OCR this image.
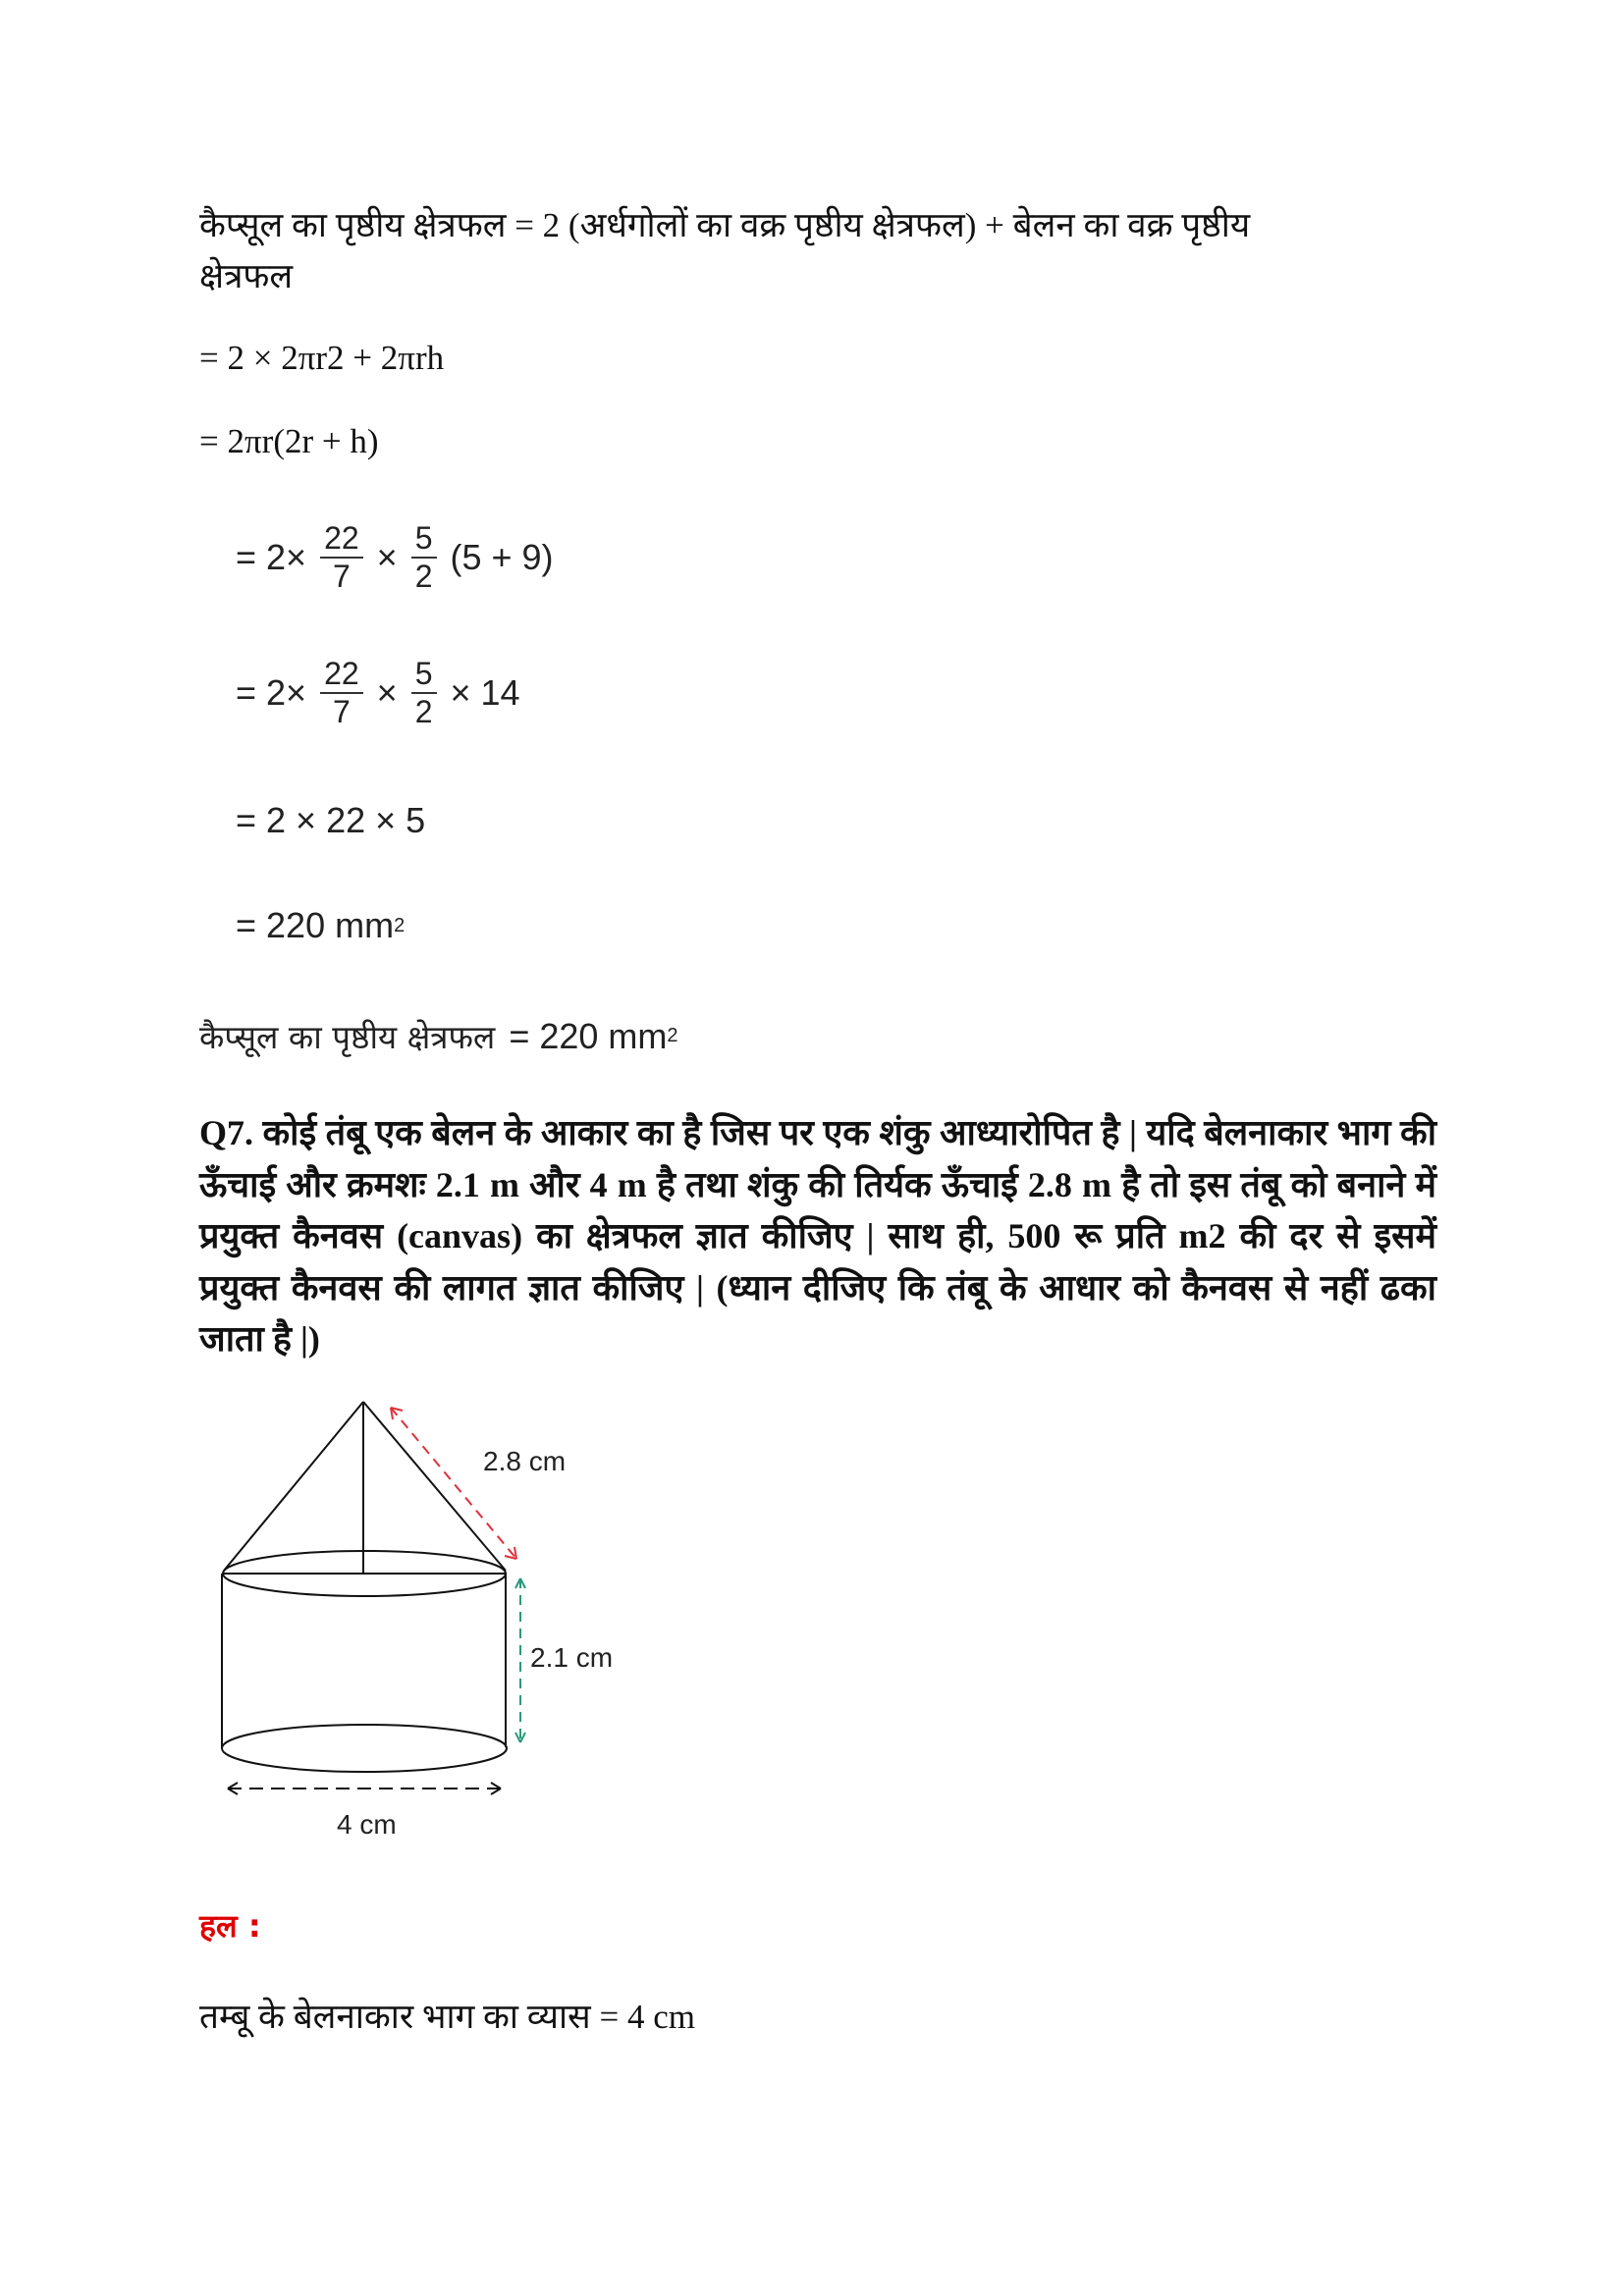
कैप्सूल का पृष्ठीय क्षेत्रफल = 2 (अर्धगोलों का वक्र पृष्ठीय क्षेत्रफल) + बेलन का वक्र पृष्ठीय
क्षेत्रफल
= 2 × 2πr2 + 2πrh
= 2πr(2r + h)
= $2\times \frac{22}{7} \times \frac{5}{2} (5 + 9)$
= $2\times \frac{22}{7} \times \frac{5}{2} \times 14$
= 2 × 22 × 5
= 220 mm 2
कैप्सूल का पृष्ठीय क्षेत्रफल = 220 mm 2
Q7. कोई तंबू एक बेलन के आकार का है जिस पर एक शंकु आध्यारोपित है | यदि बेलनाकार भाग की ऊँचाई और क्रमशः 2.1 m और 4 m है तथा शंकु की तिर्यक ऊँचाई 2.8 m है तो इस तंबू को बनाने में प्रयुक्त कैनवस (canvas) का क्षेत्रफल ज्ञात कीजिए | साथ ही, 500 रू प्रति m2 की दर से इसमें प्रयुक्त कैनवस की लागत ज्ञात कीजिए | (ध्यान दीजिए कि तंबू के आधार को कैनवस से नहीं ढका जाता है |)
2.8 cm
2.1 cm
4 cm
हल :
तम्बू के बेलनाकार भाग का व्यास = 4 cm
